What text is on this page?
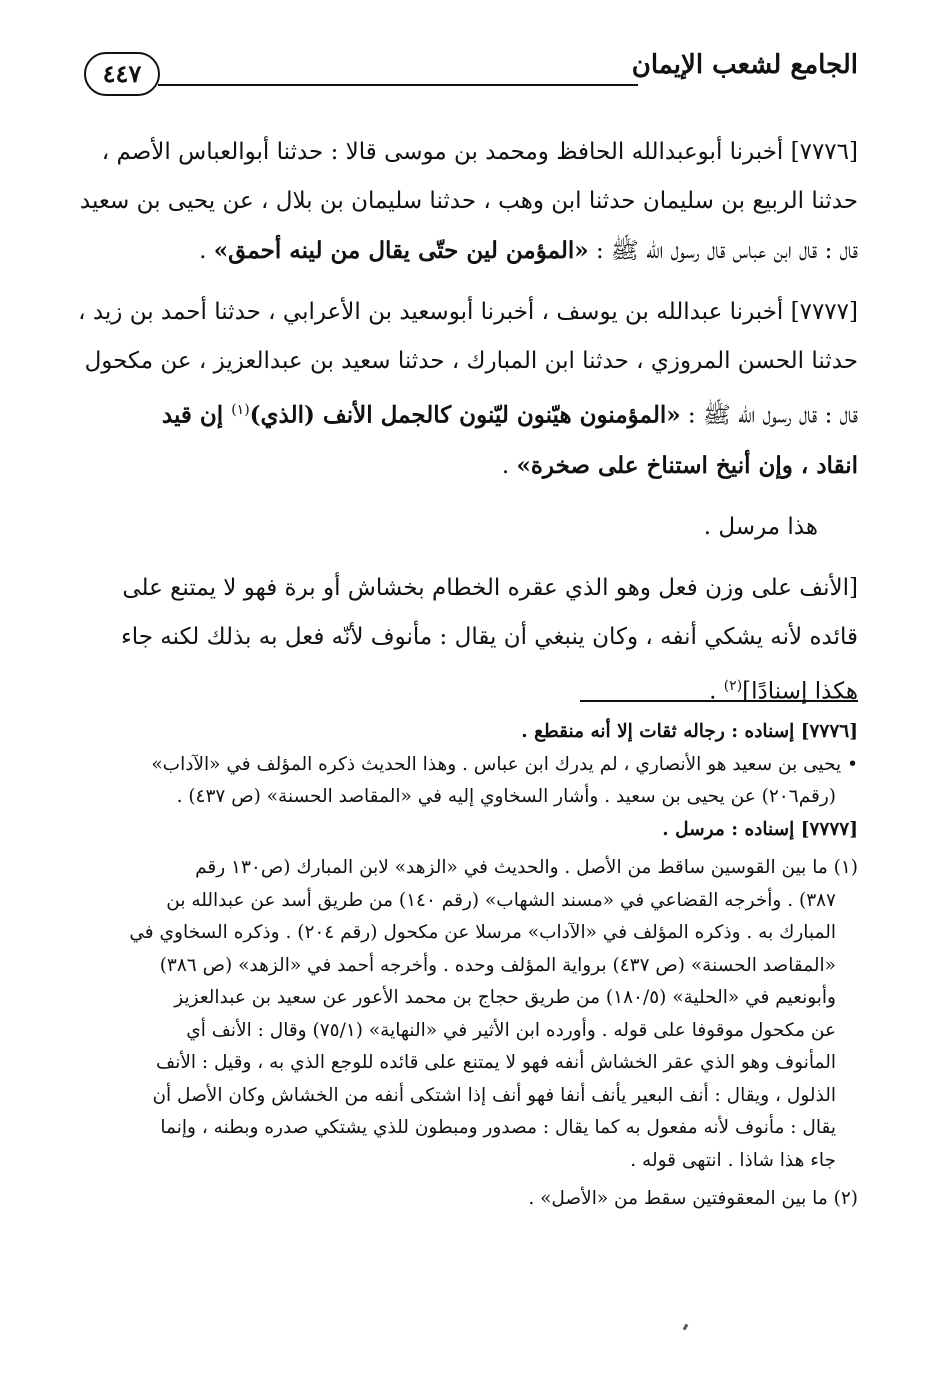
الجامع لشعب الإيمان
٤٤٧
[٧٧٧٦] أخبرنا أبوعبدالله الحافظ ومحمد بن موسى قالا : حدثنا أبوالعباس الأصم ،
حدثنا الربيع بن سليمان حدثنا ابن وهب ، حدثنا سليمان بن بلال ، عن يحيى بن سعيد
قال : قال ابن عباس قال رسول الله ﷺ : «المؤمن لين حتّى يقال من لينه أحمق» .
[٧٧٧٧] أخبرنا عبدالله بن يوسف ، أخبرنا أبوسعيد بن الأعرابي ، حدثنا أحمد بن زيد ،
حدثنا الحسن المروزي ، حدثنا ابن المبارك ، حدثنا سعيد بن عبدالعزيز ، عن مكحول
قال : قال رسول الله ﷺ : «المؤمنون هيّنون ليّنون كالجمل الأنف (الذي)$^{(١)}$ إن قيد
انقاد ، وإن أنيخ استناخ على صخرة» .
هذا مرسل .
[الأنف على وزن فعل وهو الذي عقره الخطام بخشاش أو برة فهو لا يمتنع على
قائده لأنه يشكي أنفه ، وكان ينبغي أن يقال : مأنوف لأنّه فعل به بذلك لكنه جاء
هكذا إسنادًا]$^{(٢)}$ .
[٧٧٧٦] إسناده : رجاله ثقات إلا أنه منقطع .
• يحيى بن سعيد هو الأنصاري ، لم يدرك ابن عباس . وهذا الحديث ذكره المؤلف في «الآداب»
(رقم٢٠٦) عن يحيى بن سعيد . وأشار السخاوي إليه في «المقاصد الحسنة» (ص ٤٣٧) .
[٧٧٧٧] إسناده : مرسل .
(١) ما بين القوسين ساقط من الأصل . والحديث في «الزهد» لابن المبارك (ص١٣٠ رقم
٣٨٧) . وأخرجه القضاعي في «مسند الشهاب» (رقم ١٤٠) من طريق أسد عن عبدالله بن
المبارك به . وذكره المؤلف في «الآداب» مرسلا عن مكحول (رقم ٢٠٤) . وذكره السخاوي في
«المقاصد الحسنة» (ص ٤٣٧) برواية المؤلف وحده . وأخرجه أحمد في «الزهد» (ص ٣٨٦)
وأبونعيم في «الحلية» (١٨٠/٥) من طريق حجاج بن محمد الأعور عن سعيد بن عبدالعزيز
عن مكحول موقوفا على قوله . وأورده ابن الأثير في «النهاية» (٧٥/١) وقال : الأنف أي
المأنوف وهو الذي عقر الخشاش أنفه فهو لا يمتنع على قائده للوجع الذي به ، وقيل : الأنف
الذلول ، ويقال : أنف البعير يأنف أنفا فهو أنف إذا اشتكى أنفه من الخشاش وكان الأصل أن
يقال : مأنوف لأنه مفعول به كما يقال : مصدور ومبطون للذي يشتكي صدره وبطنه ، وإنما
جاء هذا شاذا . انتهى قوله .
(٢) ما بين المعقوفتين سقط من «الأصل» .
